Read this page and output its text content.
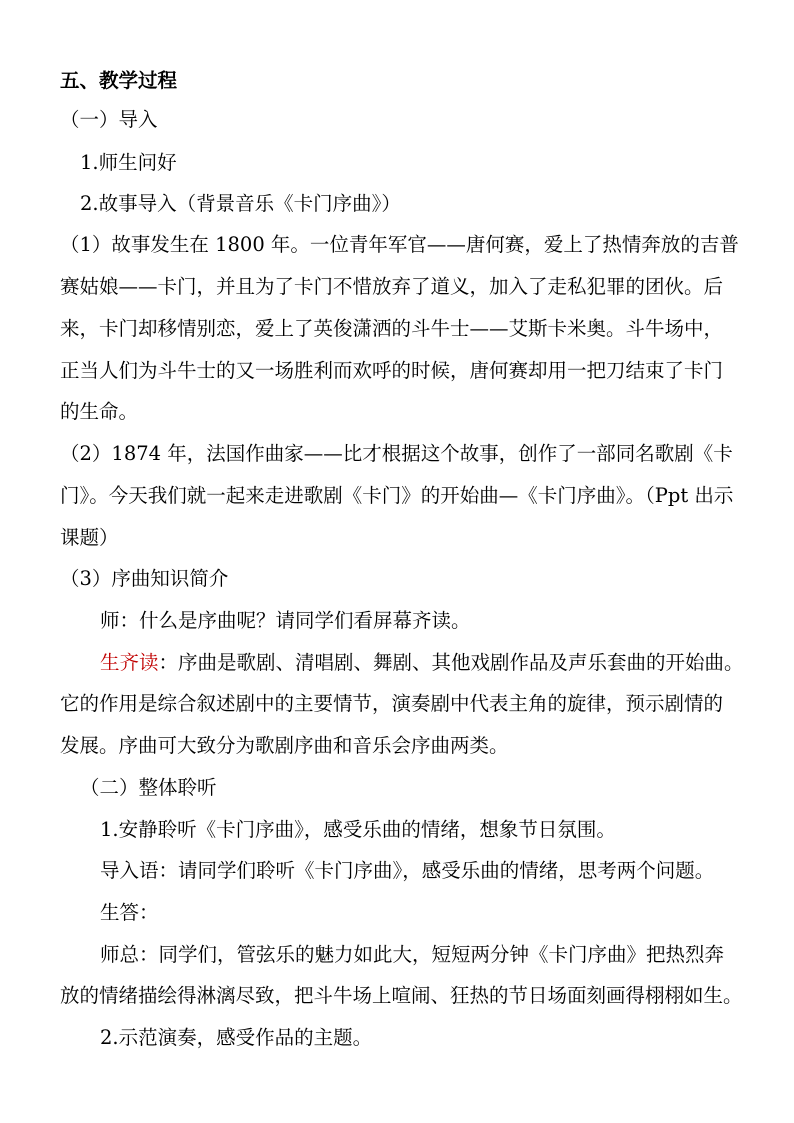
五、教学过程
（一）导入
1.师生问好
2.故事导入（背景音乐《卡门序曲》）
（1）故事发生在 1800 年。一位青年军官——唐何赛，爱上了热情奔放的吉普
赛姑娘——卡门，并且为了卡门不惜放弃了道义，加入了走私犯罪的团伙。后
来，卡门却移情别恋，爱上了英俊潇洒的斗牛士——艾斯卡米奥。斗牛场中，
正当人们为斗牛士的又一场胜利而欢呼的时候，唐何赛却用一把刀结束了卡门
的生命。
（2）1874 年，法国作曲家——比才根据这个故事，创作了一部同名歌剧《卡
门》。今天我们就一起来走进歌剧《卡门》的开始曲—《卡门序曲》。（Ppt 出示
课题）
（3）序曲知识简介
师：什么是序曲呢？请同学们看屏幕齐读。
生齐读：序曲是歌剧、清唱剧、舞剧、其他戏剧作品及声乐套曲的开始曲。
它的作用是综合叙述剧中的主要情节，演奏剧中代表主角的旋律，预示剧情的
发展。序曲可大致分为歌剧序曲和音乐会序曲两类。
（二）整体聆听
1.安静聆听《卡门序曲》，感受乐曲的情绪，想象节日氛围。
导入语：请同学们聆听《卡门序曲》，感受乐曲的情绪，思考两个问题。
生答：
师总：同学们，管弦乐的魅力如此大，短短两分钟《卡门序曲》把热烈奔
放的情绪描绘得淋漓尽致，把斗牛场上喧闹、狂热的节日场面刻画得栩栩如生。
2.示范演奏，感受作品的主题。
